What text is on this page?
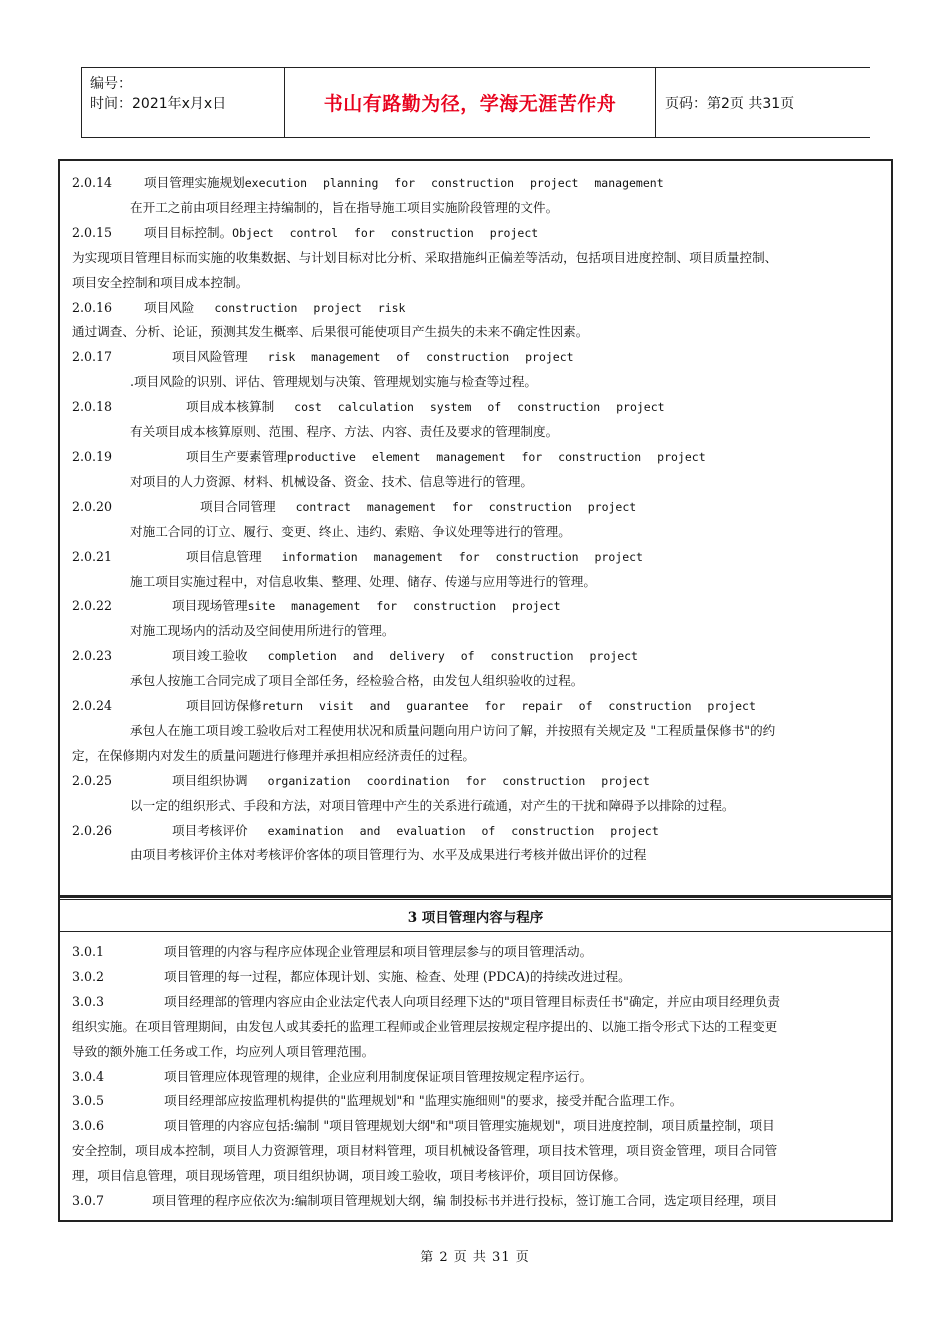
编号：
时间：2021年x月x日	书山有路勤为径，学海无涯苦作舟	页码：第2页 共31页

2.0.14	项目管理实施规划execution planning for construction project management

在开工之前由项目经理主持编制的，旨在指导施工项目实施阶段管理的文件。

2.0.15	项目目标控制。Object control for construction project

为实现项目管理目标而实施的收集数据、与计划目标对比分析、采取措施纠正偏差等活动，包括项目进度控制、项目质量控制、

项目安全控制和项目成本控制。

2.0.16	项目风险 construction project risk

通过调查、分析、论证，预测其发生概率、后果很可能使项目产生损失的未来不确定性因素。

2.0.17	项目风险管理 risk management of construction project

.项目风险的识别、评估、管理规划与决策、管理规划实施与检查等过程。

2.0.18	项目成本核算制 cost calculation system of construction project

有关项目成本核算原则、范围、程序、方法、内容、责任及要求的管理制度。

2.0.19	项目生产要素管理productive element management for construction project

对项目的人力资源、材料、机械设备、资金、技术、信息等进行的管理。

2.0.20	项目合同管理 contract management for construction project

对施工合同的订立、履行、变更、终止、违约、索赔、争议处理等进行的管理。

2.0.21	项目信息管理 information management for construction project

施工项目实施过程中，对信息收集、整理、处理、储存、传递与应用等进行的管理。

2.0.22	项目现场管理site management for construction project

对施工现场内的活动及空间使用所进行的管理。

2.0.23	项目竣工验收 completion and delivery of construction project

承包人按施工合同完成了项目全部任务，经检验合格，由发包人组织验收的过程。

2.0.24	项目回访保修return visit and guarantee for repair of construction project

承包人在施工项目竣工验收后对工程使用状况和质量问题向用户访问了解，并按照有关规定及 "工程质量保修书"的约

定，在保修期内对发生的质量问题进行修理并承担相应经济责任的过程。

2.0.25	项目组织协调 organization coordination for construction project

以一定的组织形式、手段和方法，对项目管理中产生的关系进行疏通，对产生的干扰和障碍予以排除的过程。

2.0.26	项目考核评价 examination and evaluation of construction project

由项目考核评价主体对考核评价客体的项目管理行为、水平及成果进行考核并做出评价的过程

3 项目管理内容与程序

3.0.1	项目管理的内容与程序应体现企业管理层和项目管理层参与的项目管理活动。

3.0.2	项目管理的每一过程，都应体现计划、实施、检查、处理 (PDCA)的持续改进过程。

3.0.3	项目经理部的管理内容应由企业法定代表人向项目经理下达的"项目管理目标责任书"确定，并应由项目经理负责

组织实施。在项目管理期间，由发包人或其委托的监理工程师或企业管理层按规定程序提出的、以施工指令形式下达的工程变更

导致的额外施工任务或工作，均应列人项目管理范围。

3.0.4	项目管理应体现管理的规律，企业应利用制度保证项目管理按规定程序运行。

3.0.5	项目经理部应按监理机构提供的"监理规划"和 "监理实施细则"的要求，接受并配合监理工作。

3.0.6	项目管理的内容应包括:编制 "项目管理规划大纲"和"项目管理实施规划"，项目进度控制，项目质量控制，项目

安全控制，项目成本控制，项目人力资源管理，项目材料管理，项目机械设备管理，项目技术管理，项目资金管理，项目合同管

理，项目信息管理，项目现场管理，项目组织协调，项目竣工验收，项目考核评价，项目回访保修。

3.0.7	项目管理的程序应依次为:编制项目管理规划大纲，编 制投标书并进行投标，签订施工合同，选定项目经理，项目

第 2 页 共 31 页
